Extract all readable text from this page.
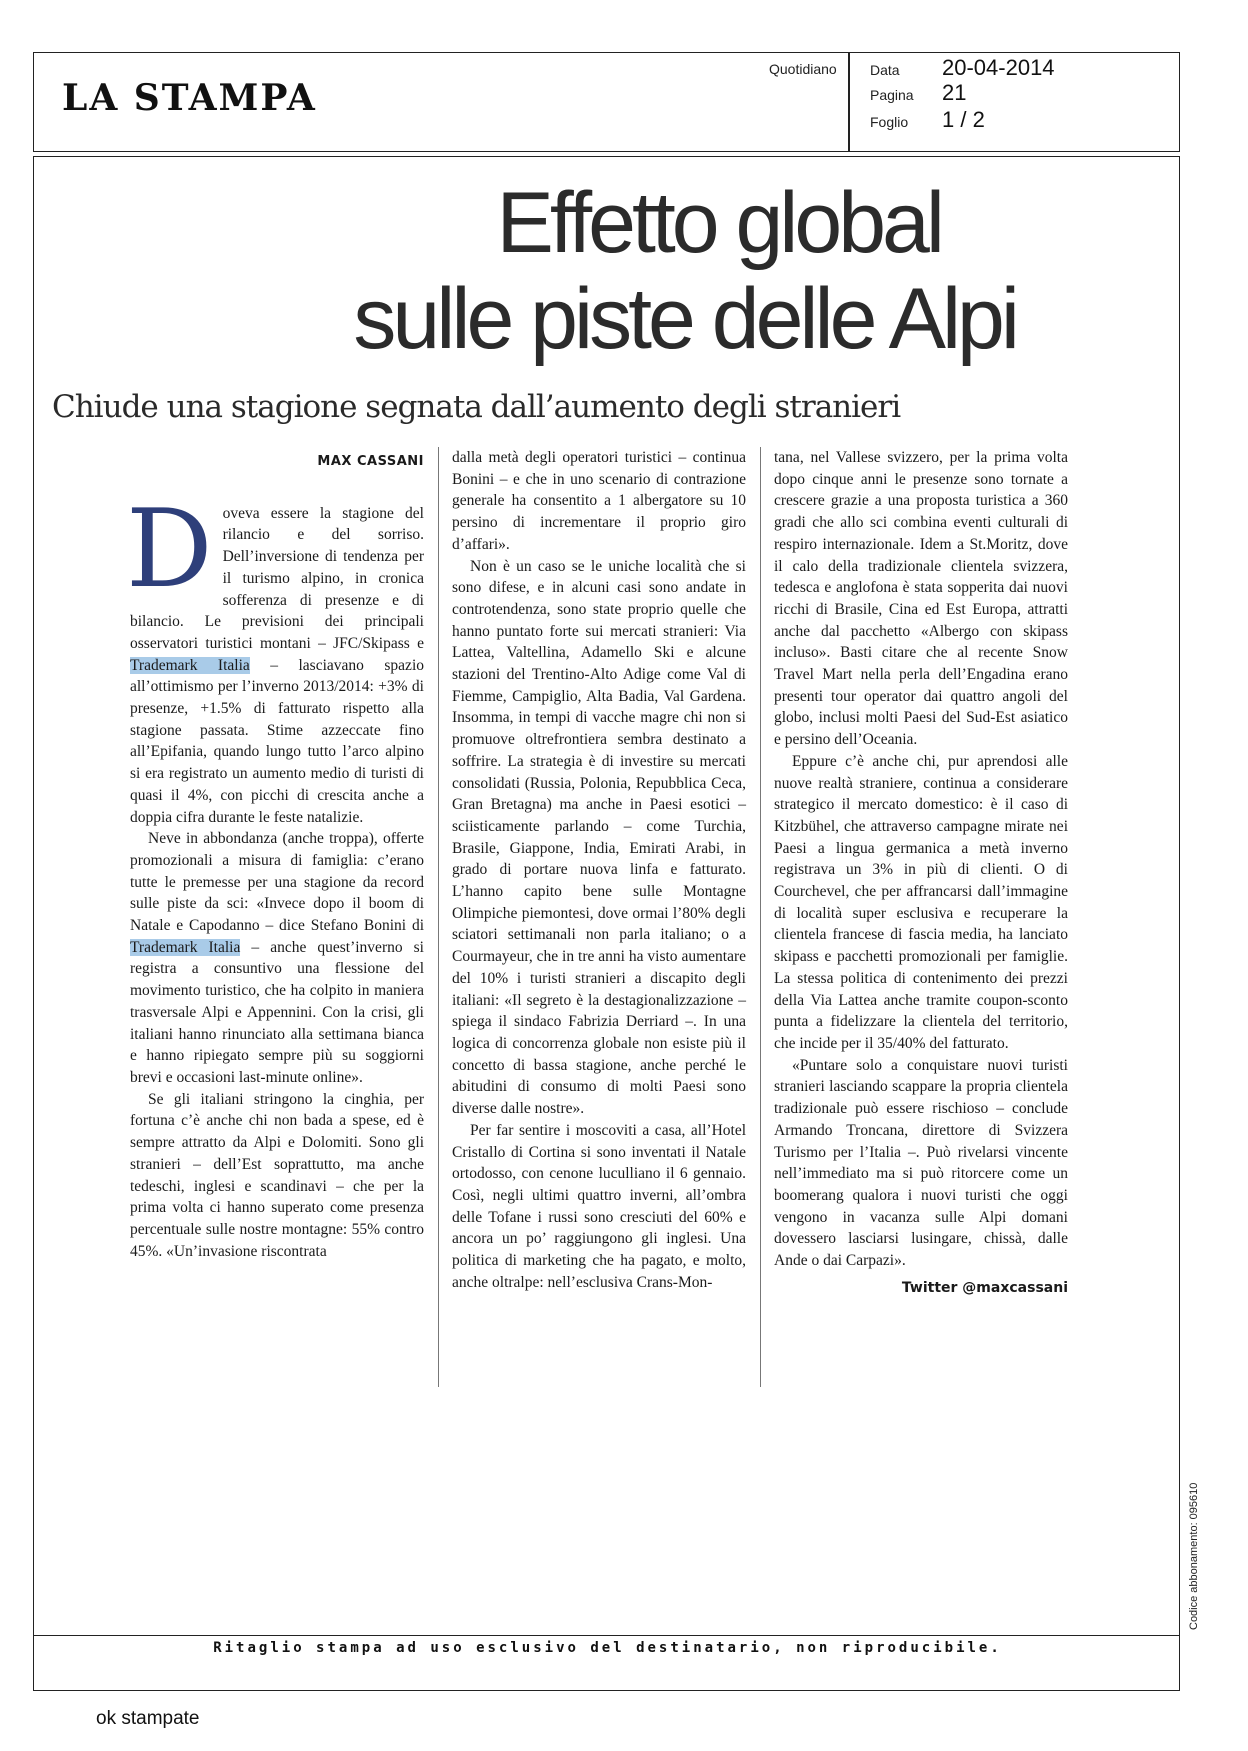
LA STAMPA
Quotidiano Data 20-04-2014
Pagina 21
Foglio 1 / 2
Effetto global
sulle piste delle Alpi
Chiude una stagione segnata dall’aumento degli stranieri
MAX CASSANI

Doveva essere la stagione del rilancio e del sorriso. Dell’inversione di tendenza per il turismo alpino, in cronica sofferenza di presenze e di bilancio. Le previsioni dei principali osservatori turistici montani – JFC/Skipass e Trademark Italia – lasciavano spazio all’ottimismo per l’inverno 2013/2014: +3% di presenze, +1.5% di fatturato rispetto alla stagione passata. Stime azzeccate fino all’Epifania, quando lungo tutto l’arco alpino si era registrato un aumento medio di turisti di quasi il 4%, con picchi di crescita anche a doppia cifra durante le feste natalizie.

Neve in abbondanza (anche troppa), offerte promozionali a misura di famiglia: c’erano tutte le premesse per una stagione da record sulle piste da sci: «Invece dopo il boom di Natale e Capodanno – dice Stefano Bonini di Trademark Italia – anche quest’inverno si registra a consuntivo una flessione del movimento turistico, che ha colpito in maniera trasversale Alpi e Appennini. Con la crisi, gli italiani hanno rinunciato alla settimana bianca e hanno ripiegato sempre più su soggiorni brevi e occasioni last-minute online».

Se gli italiani stringono la cinghia, per fortuna c’è anche chi non bada a spese, ed è sempre attratto da Alpi e Dolomiti. Sono gli stranieri – dell’Est soprattutto, ma anche tedeschi, inglesi e scandinavi – che per la prima volta ci hanno superato come presenza percentuale sulle nostre montagne: 55% contro 45%. «Un’invasione riscontrata

dalla metà degli operatori turistici – continua Bonini – e che in uno scenario di contrazione generale ha consentito a 1 albergatore su 10 persino di incrementare il proprio giro d’affari».

Non è un caso se le uniche località che si sono difese, e in alcuni casi sono andate in controtendenza, sono state proprio quelle che hanno puntato forte sui mercati stranieri: Via Lattea, Valtellina, Adamello Ski e alcune stazioni del Trentino-Alto Adige come Val di Fiemme, Campiglio, Alta Badia, Val Gardena. Insomma, in tempi di vacche magre chi non si promuove oltrefrontiera sembra destinato a soffrire. La strategia è di investire su mercati consolidati (Russia, Polonia, Repubblica Ceca, Gran Bretagna) ma anche in Paesi esotici – sciisticamente parlando – come Turchia, Brasile, Giappone, India, Emirati Arabi, in grado di portare nuova linfa e fatturato. L’hanno capito bene sulle Montagne Olimpiche piemontesi, dove ormai l’80% degli sciatori settimanali non parla italiano; o a Courmayeur, che in tre anni ha visto aumentare del 10% i turisti stranieri a discapito degli italiani: «Il segreto è la destagionalizzazione – spiega il sindaco Fabrizia Derriard –. In una logica di concorrenza globale non esiste più il concetto di bassa stagione, anche perché le abitudini di consumo di molti Paesi sono diverse dalle nostre».

Per far sentire i moscoviti a casa, all’Hotel Cristallo di Cortina si sono inventati il Natale ortodosso, con cenone luculliano il 6 gennaio. Così, negli ultimi quattro inverni, all’ombra delle Tofane i russi sono cresciuti del 60% e ancora un po’ raggiungono gli inglesi. Una politica di marketing che ha pagato, e molto, anche oltralpe: nell’esclusiva Crans-Mon-

tana, nel Vallese svizzero, per la prima volta dopo cinque anni le presenze sono tornate a crescere grazie a una proposta turistica a 360 gradi che allo sci combina eventi culturali di respiro internazionale. Idem a St.Moritz, dove il calo della tradizionale clientela svizzera, tedesca e anglofona è stata sopperita dai nuovi ricchi di Brasile, Cina ed Est Europa, attratti anche dal pacchetto «Albergo con skipass incluso». Basti citare che al recente Snow Travel Mart nella perla dell’Engadina erano presenti tour operator dai quattro angoli del globo, inclusi molti Paesi del Sud-Est asiatico e persino dell’Oceania.

Eppure c’è anche chi, pur aprendosi alle nuove realtà straniere, continua a considerare strategico il mercato domestico: è il caso di Kitzbühel, che attraverso campagne mirate nei Paesi a lingua germanica a metà inverno registrava un 3% in più di clienti. O di Courchevel, che per affrancarsi dall’immagine di località super esclusiva e recuperare la clientela francese di fascia media, ha lanciato skipass e pacchetti promozionali per famiglie. La stessa politica di contenimento dei prezzi della Via Lattea anche tramite coupon-sconto punta a fidelizzare la clientela del territorio, che incide per il 35/40% del fatturato.

«Puntare solo a conquistare nuovi turisti stranieri lasciando scappare la propria clientela tradizionale può essere rischioso – conclude Armando Troncana, direttore di Svizzera Turismo per l’Italia –. Può rivelarsi vincente nell’immediato ma si può ritorcere come un boomerang qualora i nuovi turisti che oggi vengono in vacanza sulle Alpi domani dovessero lasciarsi lusingare, chissà, dalle Ande o dai Carpazi».

Twitter @maxcassani
Ritaglio stampa ad uso esclusivo del destinatario, non riproducibile.
Codice abbonamento: 095610
ok stampate
